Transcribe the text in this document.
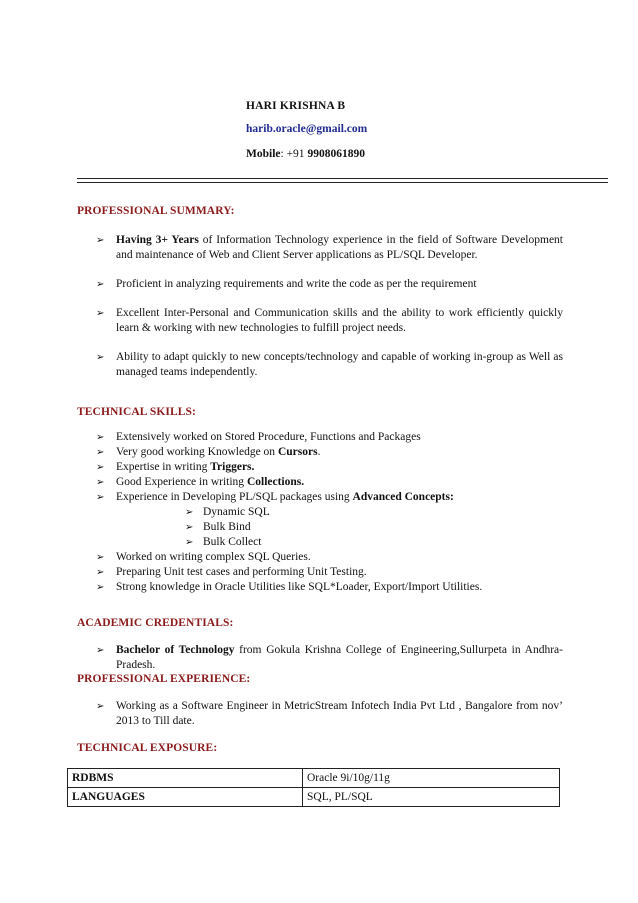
HARI KRISHNA B
harib.oracle@gmail.com
Mobile: +91 9908061890
PROFESSIONAL SUMMARY:
➢ Having 3+ Years of Information Technology experience in the field of Software Development and maintenance of Web and Client Server applications as PL/SQL Developer.
➢ Proficient in analyzing requirements and write the code as per the requirement
➢ Excellent Inter-Personal and Communication skills and the ability to work efficiently quickly learn & working with new technologies to fulfill project needs.
➢ Ability to adapt quickly to new concepts/technology and capable of working in-group as Well as managed teams independently.
TECHNICAL SKILLS:
➢ Extensively worked on Stored Procedure, Functions and Packages
➢ Very good working Knowledge on Cursors.
➢ Expertise in writing Triggers.
➢ Good Experience in writing Collections.
➢ Experience in Developing PL/SQL packages using Advanced Concepts:
➢ Dynamic SQL
➢ Bulk Bind
➢ Bulk Collect
➢ Worked on writing complex SQL Queries.
➢ Preparing Unit test cases and performing Unit Testing.
➢ Strong knowledge in Oracle Utilities like SQL*Loader, Export/Import Utilities.
ACADEMIC CREDENTIALS:
➢ Bachelor of Technology from Gokula Krishna College of Engineering,Sullurpeta in Andhra- Pradesh.
PROFESSIONAL EXPERIENCE:
➢ Working as a Software Engineer in MetricStream Infotech India Pvt Ltd , Bangalore from nov’ 2013 to Till date.
TECHNICAL EXPOSURE:
RDBMS	Oracle 9i/10g/11g
LANGUAGES	SQL, PL/SQL
